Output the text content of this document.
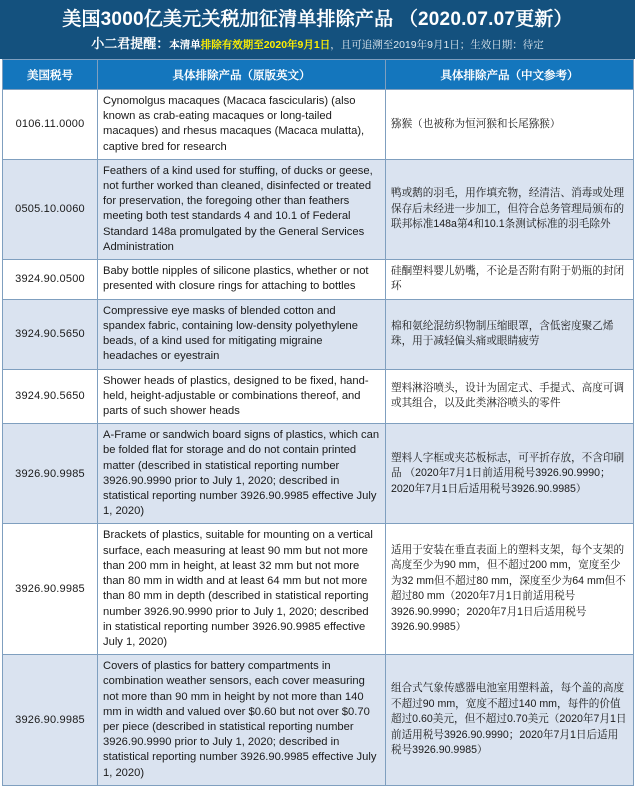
美国3000亿美元关税加征清单排除产品 （2020.07.07更新）
小二君提醒：本清单排除有效期至2020年9月1日，且可追溯至2019年9月1日；生效日期：待定
美国税号	具体排除产品（原版英文）	具体排除产品（中文参考）
0106.11.0000	Cynomolgus macaques (Macaca fascicularis) (also known as crab-eating macaques or long-tailed macaques) and rhesus macaques (Macaca mulatta), captive bred for research	猕猴（也被称为恒河猴和长尾猕猴）
0505.10.0060	Feathers of a kind used for stuffing, of ducks or geese, not further worked than cleaned, disinfected or treated for preservation, the foregoing other than feathers meeting both test standards 4 and 10.1 of Federal Standard 148a promulgated by the General Services Administration	鸭或鹅的羽毛，用作填充物，经清洁、消毒或处理保存后未经进一步加工，但符合总务管理局颁布的联邦标准148a第4和10.1条测试标准的羽毛除外
3924.90.0500	Baby bottle nipples of silicone plastics, whether or not presented with closure rings for attaching to bottles	硅酮塑料婴儿奶嘴，不论是否附有附于奶瓶的封闭环
3924.90.5650	Compressive eye masks of blended cotton and spandex fabric, containing low-density polyethylene beads, of a kind used for mitigating migraine headaches or eyestrain	棉和氨纶混纺织物制压缩眼罩，含低密度聚乙烯珠，用于减轻偏头痛或眼睛疲劳
3924.90.5650	Shower heads of plastics, designed to be fixed, hand-held, height-adjustable or combinations thereof, and parts of such shower heads	塑料淋浴喷头，设计为固定式、手提式、高度可调或其组合，以及此类淋浴喷头的零件
3926.90.9985	A-Frame or sandwich board signs of plastics, which can be folded flat for storage and do not contain printed matter (described in statistical reporting number 3926.90.9990 prior to July 1, 2020; described in statistical reporting number 3926.90.9985 effective July 1, 2020)	塑料人字框或夹芯板标志，可平折存放，不含印刷品 （2020年7月1日前适用税号3926.90.9990； 2020年7月1日后适用税号3926.90.9985）
3926.90.9985	Brackets of plastics, suitable for mounting on a vertical surface, each measuring at least 90 mm but not more than 200 mm in height, at least 32 mm but not more than 80 mm in width and at least 64 mm but not more than 80 mm in depth (described in statistical reporting number 3926.90.9990 prior to July 1, 2020; described in statistical reporting number 3926.90.9985 effective July 1, 2020)	适用于安装在垂直表面上的塑料支架，每个支架的高度至少为90 mm，但不超过200 mm，宽度至少为32 mm但不超过80 mm，深度至少为64 mm但不超过80 mm（2020年7月1日前适用税号3926.90.9990；2020年7月1日后适用税号3926.90.9985）
3926.90.9985	Covers of plastics for battery compartments in combination weather sensors, each cover measuring not more than 90 mm in height by not more than 140 mm in width and valued over $0.60 but not over $0.70 per piece (described in statistical reporting number 3926.90.9990 prior to July 1, 2020; described in statistical reporting number 3926.90.9985 effective July 1, 2020)	组合式气象传感器电池室用塑料盖，每个盖的高度不超过90 mm，宽度不超过140 mm，每件的价值超过0.60美元，但不超过0.70美元（2020年7月1日前适用税号3926.90.9990；2020年7月1日后适用税号3926.90.9985）
